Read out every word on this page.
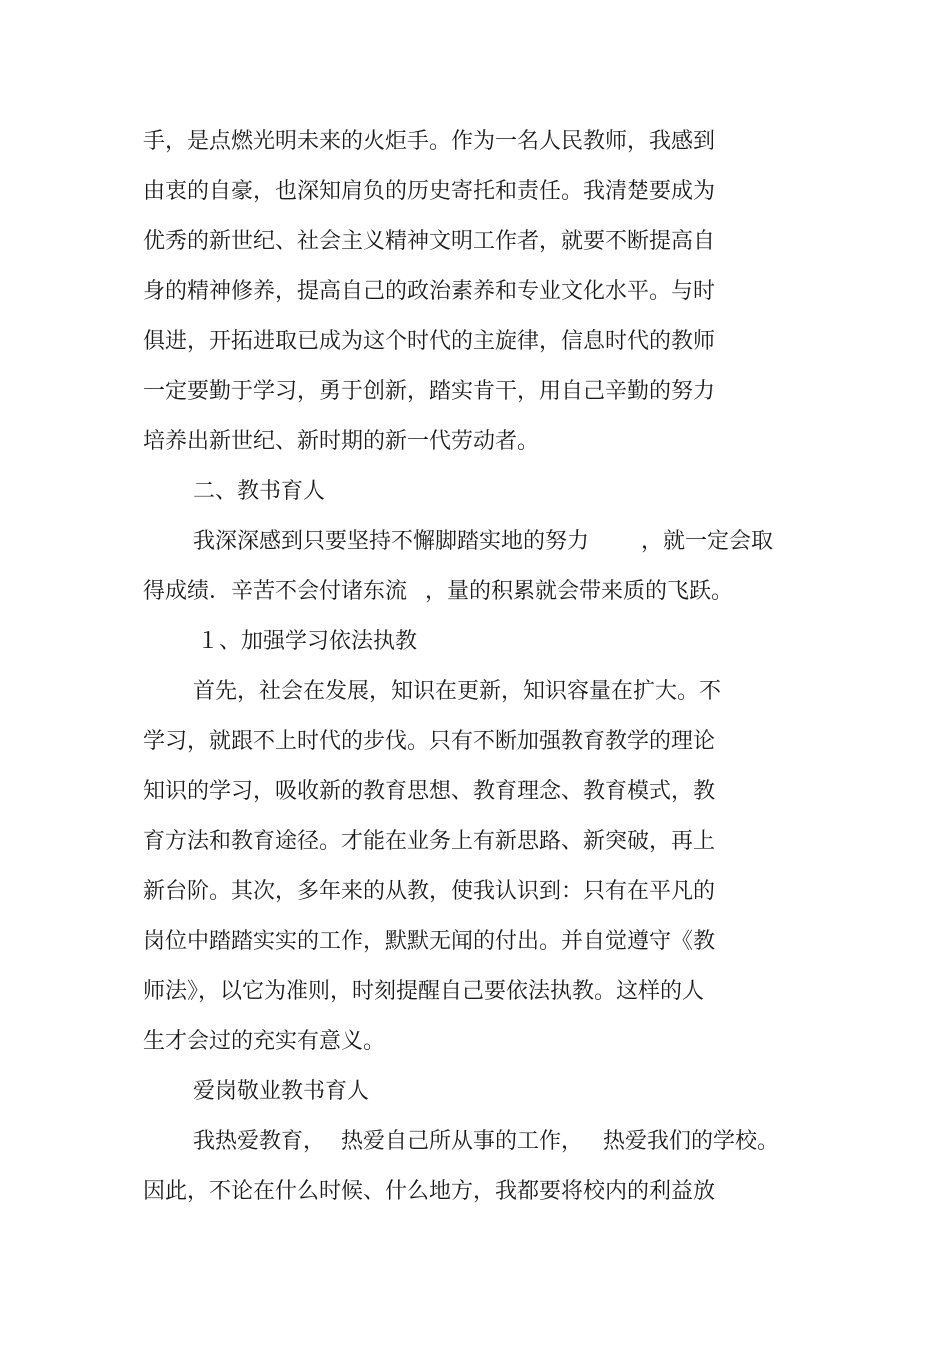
手，是点燃光明未来的火炬手。作为一名人民教师，我感到
由衷的自豪，也深知肩负的历史寄托和责任。我清楚要成为
优秀的新世纪、社会主义精神文明工作者，就要不断提高自
身的精神修养，提高自己的政治素养和专业文化水平。与时
俱进，开拓进取已成为这个时代的主旋律，信息时代的教师
一定要勤于学习，勇于创新，踏实肯干，用自己辛勤的努力
培养出新世纪、新时期的新一代劳动者。
二、教书育人
我深深感到只要坚持不懈脚踏实地的努力 ，就一定会取
得成绩．辛苦不会付诸东流 ，量的积累就会带来质的飞跃。
１、加强学习依法执教
首先，社会在发展，知识在更新，知识容量在扩大。不
学习，就跟不上时代的步伐。只有不断加强教育教学的理论
知识的学习，吸收新的教育思想、教育理念、教育模式，教
育方法和教育途径。才能在业务上有新思路、新突破，再上
新台阶。其次，多年来的从教，使我认识到：只有在平凡的
岗位中踏踏实实的工作，默默无闻的付出。并自觉遵守《教
师法》，以它为准则，时刻提醒自己要依法执教。这样的人
生才会过的充实有意义。
爱岗敬业教书育人
我热爱教育， 热爱自己所从事的工作， 热爱我们的学校。
因此，不论在什么时候、什么地方，我都要将校内的利益放
